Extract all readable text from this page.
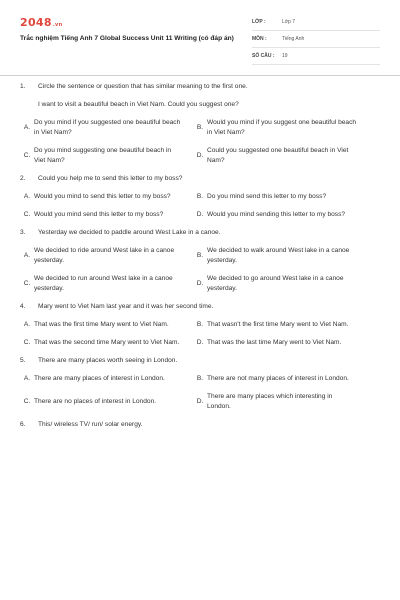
2048.vn
Trắc nghiệm Tiếng Anh 7 Global Success Unit 11 Writing (có đáp án)
LỚP :	Lớp 7
MÔN :	Tiếng Anh
SỐ CÂU :	19
1. Circle the sentence or question that has similar meaning to the first one.
I want to visit a beautiful beach in Viet Nam. Could you suggest one?
A.
Do you mind if you suggested one beautiful beach in Viet Nam?
B.
Would you mind if you suggest one beautiful beach in Viet Nam?
C.
Do you mind suggesting one beautiful beach in Viet Nam?
D.
Could you suggested one beautiful beach in Viet Nam?
2. Could you help me to send this letter to my boss?
A. Would you mind to send this letter to my boss?	B. Do you mind send this letter to my boss?
C. Would you mind send this letter to my boss?	D. Would you mind sending this letter to my boss?
3. Yesterday we decided to paddle around West Lake in a canoe.
A.
We decided to ride around West lake in a canoe yesterday.
B.
We decided to walk around West lake in a canoe yesterday.
C.
We decided to run around West lake in a canoe yesterday.
D.
We decided to go around West lake in a canoe yesterday.
4. Mary went to Viet Nam last year and it was her second time.
A. That was the first time Mary went to Viet Nam.	B. That wasn't the first time Mary went to Viet Nam.
C. That was the second time Mary went to Viet Nam.	D. That was the last time Mary went to Viet Nam.
5. There are many places worth seeing in London.
A. There are many places of interest in London.	B. There are not many places of interest in London.
C. There are no places of interest in London.	D.
There are many places which interesting in London.
6. This/ wireless TV/ run/ solar energy.
